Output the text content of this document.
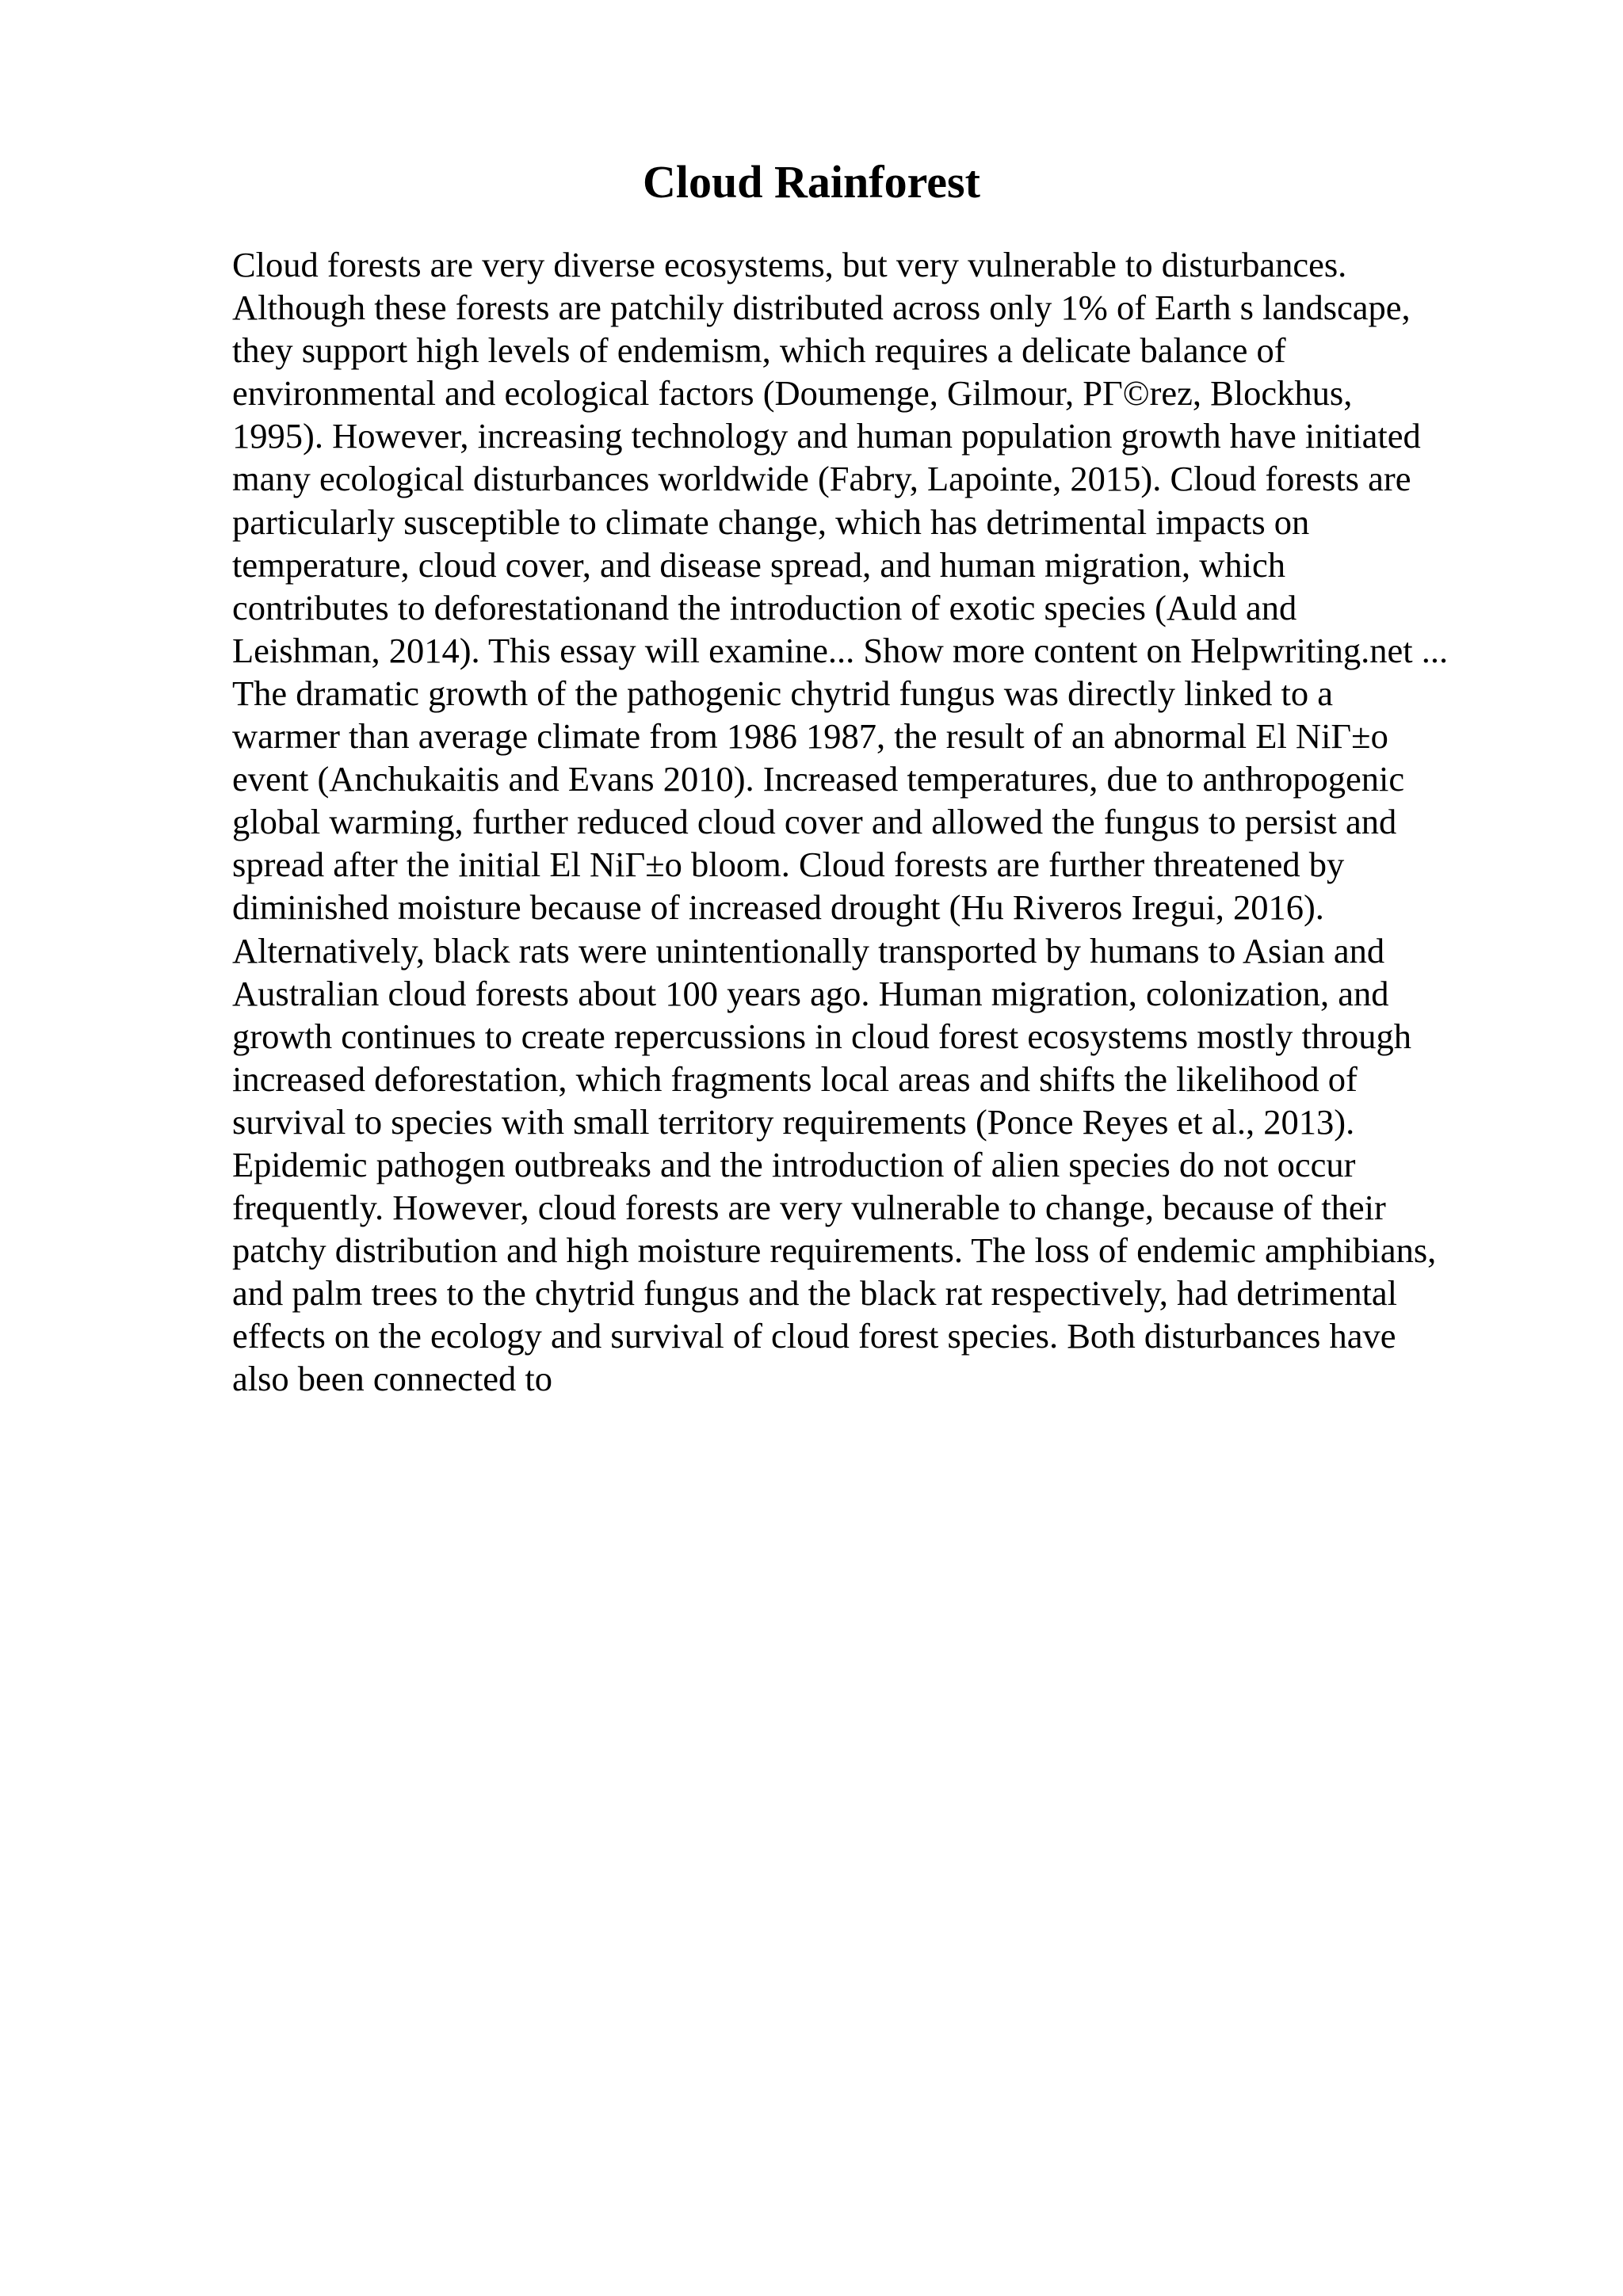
Cloud Rainforest
Cloud forests are very diverse ecosystems, but very vulnerable to disturbances.
Although these forests are patchily distributed across only 1% of Earth s landscape,
they support high levels of endemism, which requires a delicate balance of
environmental and ecological factors (Doumenge, Gilmour, PΓ©rez, Blockhus,
1995). However, increasing technology and human population growth have initiated
many ecological disturbances worldwide (Fabry, Lapointe, 2015). Cloud forests are
particularly susceptible to climate change, which has detrimental impacts on
temperature, cloud cover, and disease spread, and human migration, which
contributes to deforestationand the introduction of exotic species (Auld and
Leishman, 2014). This essay will examine... Show more content on Helpwriting.net ...
The dramatic growth of the pathogenic chytrid fungus was directly linked to a
warmer than average climate from 1986 1987, the result of an abnormal El NiΓ±o
event (Anchukaitis and Evans 2010). Increased temperatures, due to anthropogenic
global warming, further reduced cloud cover and allowed the fungus to persist and
spread after the initial El NiΓ±o bloom. Cloud forests are further threatened by
diminished moisture because of increased drought (Hu Riveros Iregui, 2016).
Alternatively, black rats were unintentionally transported by humans to Asian and
Australian cloud forests about 100 years ago. Human migration, colonization, and
growth continues to create repercussions in cloud forest ecosystems mostly through
increased deforestation, which fragments local areas and shifts the likelihood of
survival to species with small territory requirements (Ponce Reyes et al., 2013).
Epidemic pathogen outbreaks and the introduction of alien species do not occur
frequently. However, cloud forests are very vulnerable to change, because of their
patchy distribution and high moisture requirements. The loss of endemic amphibians,
and palm trees to the chytrid fungus and the black rat respectively, had detrimental
effects on the ecology and survival of cloud forest species. Both disturbances have
also been connected to
